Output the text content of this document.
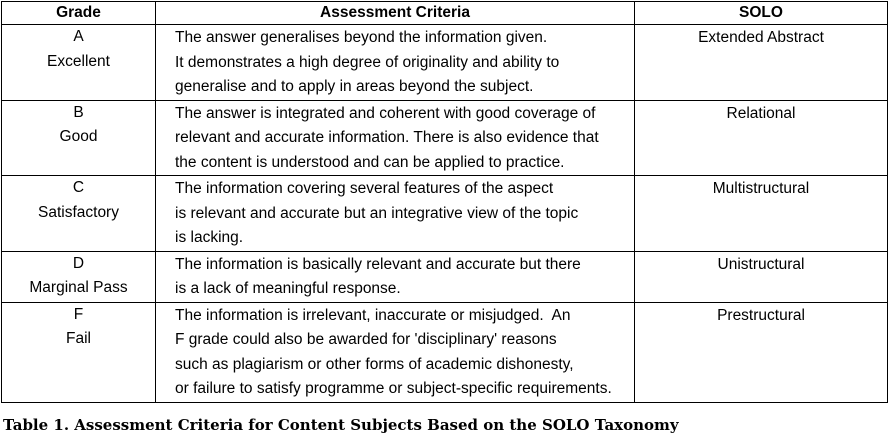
Grade	Assessment Criteria	SOLO

A
Excellent	The answer generalises beyond the information given.
It demonstrates a high degree of originality and ability to
generalise and to apply in areas beyond the subject.	Extended Abstract

B
Good	The answer is integrated and coherent with good coverage of
relevant and accurate information. There is also evidence that
the content is understood and can be applied to practice.	Relational

C
Satisfactory	The information covering several features of the aspect
is relevant and accurate but an integrative view of the topic
is lacking.	Multistructural

D
Marginal Pass	The information is basically relevant and accurate but there
is a lack of meaningful response.	Unistructural

F
Fail	The information is irrelevant, inaccurate or misjudged.  An
F grade could also be awarded for 'disciplinary' reasons
such as plagiarism or other forms of academic dishonesty,
or failure to satisfy programme or subject-specific requirements.	Prestructural
Table 1. Assessment Criteria for Content Subjects Based on the SOLO Taxonomy
